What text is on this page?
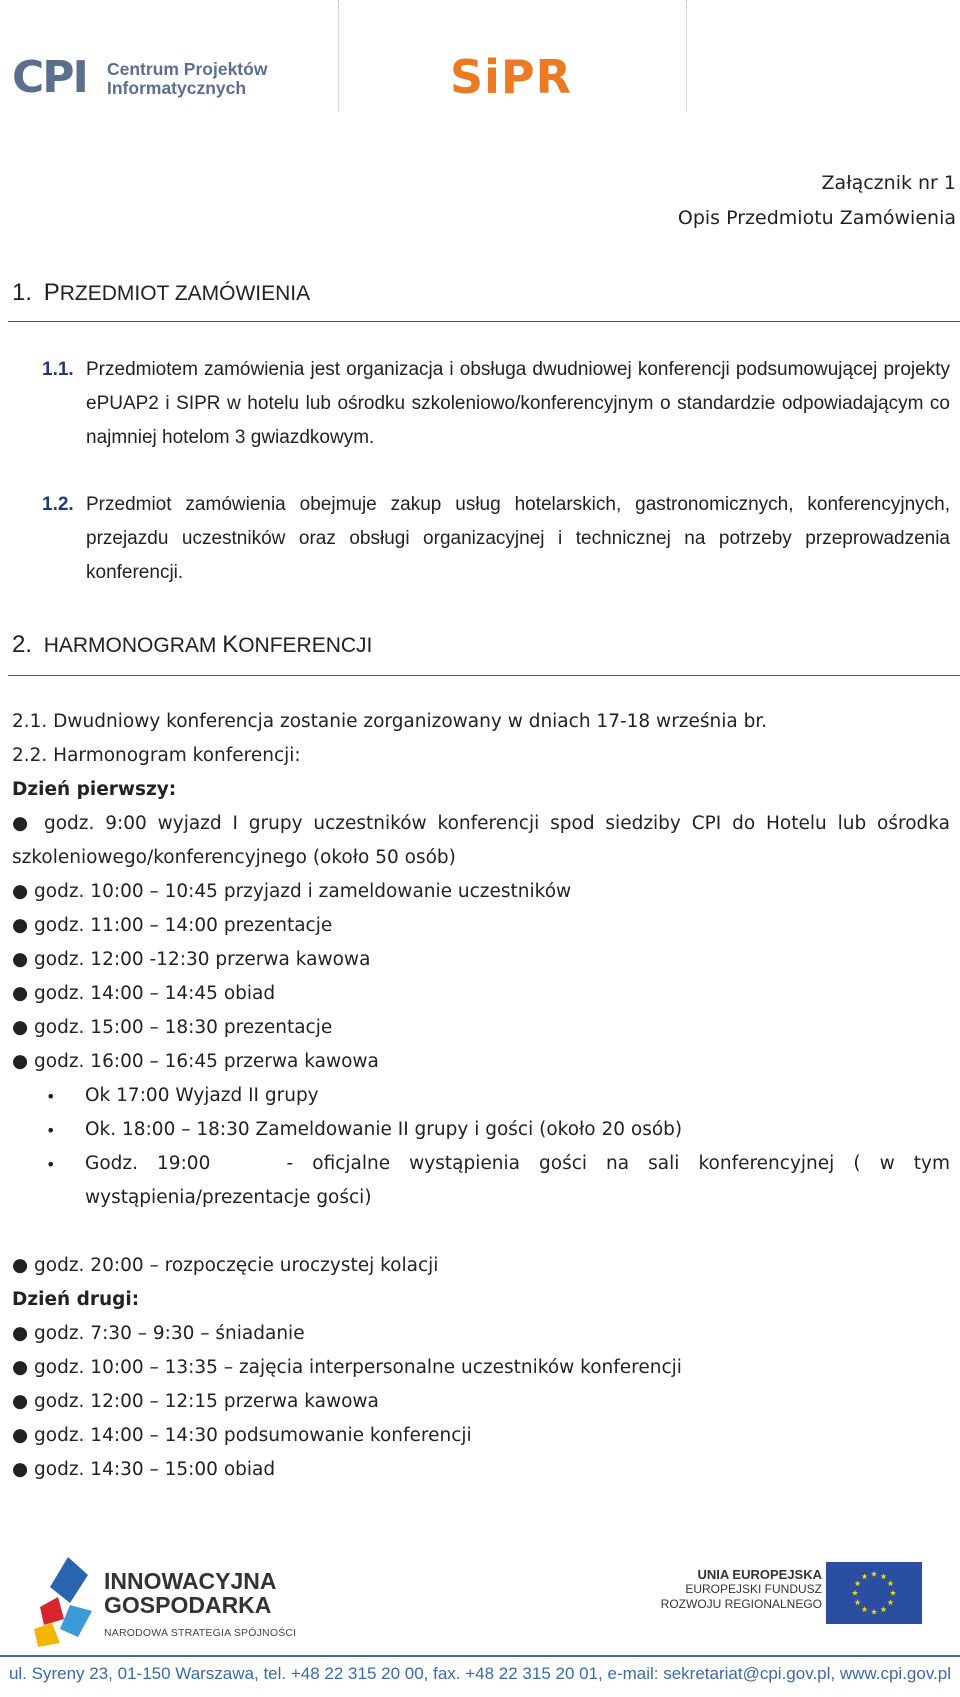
CPI	Centrum Projektów
Informatycznych	SiPR
Załącznik nr 1
Opis Przedmiotu Zamówienia
1. PRZEDMIOT ZAMÓWIENIA
1.1. Przedmiotem zamówienia jest organizacja i obsługa dwudniowej konferencji podsumowującej projekty ePUAP2 i SIPR w hotelu lub ośrodku szkoleniowo/konferencyjnym o standardzie odpowiadającym co najmniej hotelom 3 gwiazdkowym.
1.2. Przedmiot zamówienia obejmuje zakup usług hotelarskich, gastronomicznych, konferencyjnych, przejazdu uczestników oraz obsługi organizacyjnej i technicznej na potrzeby przeprowadzenia konferencji.
2. HARMONOGRAM KONFERENCJI
2.1. Dwudniowy konferencja zostanie zorganizowany w dniach 17-18 września br.
2.2. Harmonogram konferencji:
Dzień pierwszy:
● godz. 9:00 wyjazd I grupy uczestników konferencji spod siedziby CPI do Hotelu lub ośrodka
szkoleniowego/konferencyjnego (około 50 osób)
● godz. 10:00 – 10:45 przyjazd i zameldowanie uczestników
● godz. 11:00 – 14:00 prezentacje
● godz. 12:00 -12:30 przerwa kawowa
● godz. 14:00 – 14:45 obiad
● godz. 15:00 – 18:30 prezentacje
● godz. 16:00 – 16:45 przerwa kawowa
• Ok 17:00 Wyjazd II grupy
• Ok. 18:00 – 18:30 Zameldowanie II grupy i gości (około 20 osób)
• Godz. 19:00    - oficjalne wystąpienia gości na sali konferencyjnej ( w tym
wystąpienia/prezentacje gości)
● godz. 20:00 – rozpoczęcie uroczystej kolacji
Dzień drugi:
● godz. 7:30 – 9:30 – śniadanie
● godz. 10:00 – 13:35 – zajęcia interpersonalne uczestników konferencji
● godz. 12:00 – 12:15 przerwa kawowa
● godz. 14:00 – 14:30 podsumowanie konferencji
● godz. 14:30 – 15:00 obiad
INNOWACYJNA
GOSPODARKA
NARODOWA STRATEGIA SPÓJNOŚCI
UNIA EUROPEJSKA
EUROPEJSKI FUNDUSZ
ROZWOJU REGIONALNEGO
ul. Syreny 23, 01-150 Warszawa, tel. +48 22 315 20 00, fax. +48 22 315 20 01, e-mail: sekretariat@cpi.gov.pl, www.cpi.gov.pl
